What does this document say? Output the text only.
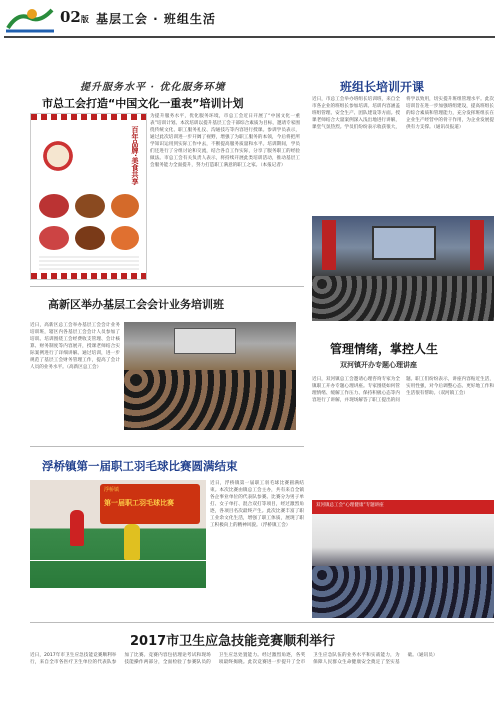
02版 基层工会 · 班组生活
提升服务水平 · 优化服务环境
市总工会打造“中国文化一重表”培训计划
百年品牌·美食共享
为提升服务水平，优化服务环境，市总工会近日开展了“中国文化一重表”培训计划。本次培训以提升基层工会干部综合素质为目标，邀请专家围绕传统文化、职工服务礼仪、沟通技巧等内容进行授课。参训学员表示，通过此次培训进一步开阔了视野，增强了为职工服务的本领，今后将把所学知识运用到实际工作中去，不断提高服务质量和水平。培训期间，学员们还进行了分组讨论和交流，结合各自工作实际，分享了服务职工的经验做法。市总工会有关负责人表示，将持续开展此类培训活动，推动基层工会服务能力全面提升，努力打造职工满意的职工之家。（本报记者）
班组长培训开课
近日，市总工会举办班组长培训班，来自全市各企业的班组长参加培训。培训内容涵盖班组管理、安全生产、团队建设等方面。授课老师结合大量案例深入浅出地进行讲解，课堂气氛热烈。学员们纷纷表示收获很大，将学以致用，切实提升班组管理水平。此次培训旨在进一步加强班组建设，提高班组长的综合素质和管理能力，充分发挥班组长在企业生产经营中的骨干作用，为企业发展提供有力支撑。（通讯员报道）
高新区举办基层工会会计业务培训班
近日，高新区总工会举办基层工会会计业务培训班，辖区内各基层工会会计人员参加了培训。培训围绕工会经费收支管理、会计核算、财务制度等内容展开，授课老师结合实际案例进行了详细讲解。通过培训，进一步规范了基层工会财务管理工作，提高了会计人员的业务水平。（高新区总工会）
管理情绪，掌控人生
双河镇开办专题心理讲座
近日，双河镇总工会邀请心理咨询专家为全镇职工开办专题心理讲座。专家围绕如何管理情绪、缓解工作压力、保持积极心态等内容进行了讲解，并现场解答了职工提出的问题。职工们纷纷表示，讲座内容贴近生活，实用性强，对今后调整心态、更好地工作和生活很有帮助。（双河镇工会）
双河镇总工会“心理健康”专题讲座
浮桥镇第一届职工羽毛球比赛圆满结束
浮桥镇
第一届职工羽毛球比赛
近日，浮桥镇第一届职工羽毛球比赛圆满结束。本次比赛由镇总工会主办，共有来自全镇各企事业单位的代表队参赛。比赛分为男子单打、女子单打、混合双打等项目，经过激烈角逐，各项目名次最终产生。此次比赛丰富了职工业余文化生活，增强了职工体质，展现了职工积极向上的精神风貌。（浮桥镇工会）
2017市卫生应急技能竞赛顺利举行
近日，2017年市卫生应急技能竞赛顺利举行，来自全市各医疗卫生单位的代表队参加了比赛。竞赛内容包括理论考试和现场技能操作两部分，全面检验了参赛队员的卫生应急处置能力。经过激烈角逐，各奖项最终揭晓。此次竞赛进一步提升了全市卫生应急队伍的业务水平和实战能力，为保障人民群众生命健康安全奠定了坚实基础。（通讯员）
